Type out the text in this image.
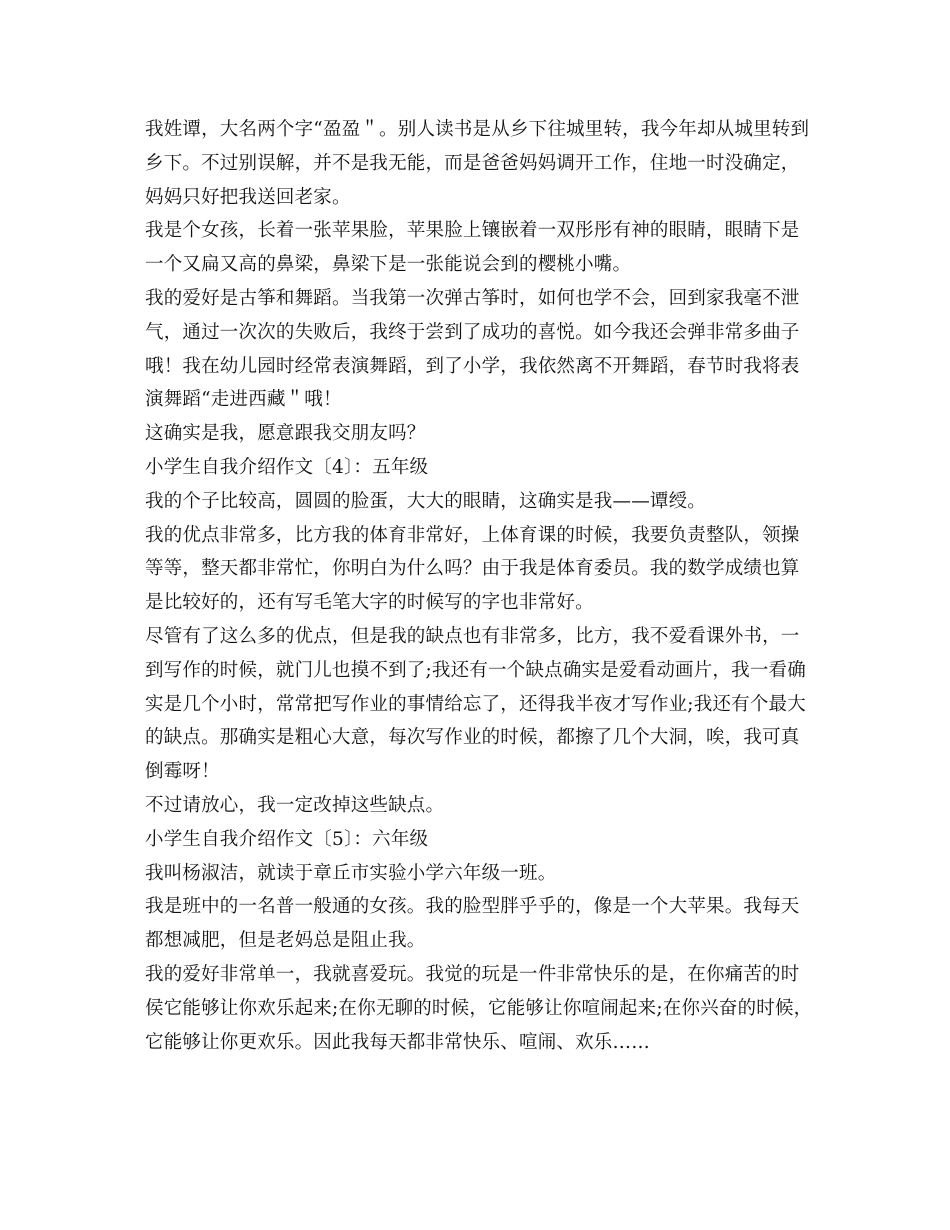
我姓谭，大名两个字“盈盈＂。别人读书是从乡下往城里转，我今年却从城里转到乡下。不过别误解，并不是我无能，而是爸爸妈妈调开工作，住地一时没确定，妈妈只好把我送回老家。

我是个女孩，长着一张苹果脸，苹果脸上镶嵌着一双彤彤有神的眼睛，眼睛下是一个又扁又高的鼻梁，鼻梁下是一张能说会到的樱桃小嘴。

我的爱好是古筝和舞蹈。当我第一次弹古筝时，如何也学不会，回到家我毫不泄气，通过一次次的失败后，我终于尝到了成功的喜悦。如今我还会弹非常多曲子哦！我在幼儿园时经常表演舞蹈，到了小学，我依然离不开舞蹈，春节时我将表演舞蹈“走进西藏＂哦！

这确实是我，愿意跟我交朋友吗？

小学生自我介绍作文〔4〕：五年级

我的个子比较高，圆圆的脸蛋，大大的眼睛，这确实是我——谭绶。

我的优点非常多，比方我的体育非常好，上体育课的时候，我要负责整队，领操等等，整天都非常忙，你明白为什么吗？由于我是体育委员。我的数学成绩也算是比较好的，还有写毛笔大字的时候写的字也非常好。

尽管有了这么多的优点，但是我的缺点也有非常多，比方，我不爱看课外书，一到写作的时候，就门儿也摸不到了;我还有一个缺点确实是爱看动画片，我一看确实是几个小时，常常把写作业的事情给忘了，还得我半夜才写作业;我还有个最大的缺点。那确实是粗心大意，每次写作业的时候，都擦了几个大洞，唉，我可真倒霉呀！

不过请放心，我一定改掉这些缺点。

小学生自我介绍作文〔5〕：六年级

我叫杨淑洁，就读于章丘市实验小学六年级一班。

我是班中的一名普一般通的女孩。我的脸型胖乎乎的，像是一个大苹果。我每天都想减肥，但是老妈总是阻止我。

我的爱好非常单一，我就喜爱玩。我觉的玩是一件非常快乐的是，在你痛苦的时侯它能够让你欢乐起来;在你无聊的时候，它能够让你喧闹起来;在你兴奋的时候，它能够让你更欢乐。因此我每天都非常快乐、喧闹、欢乐……
